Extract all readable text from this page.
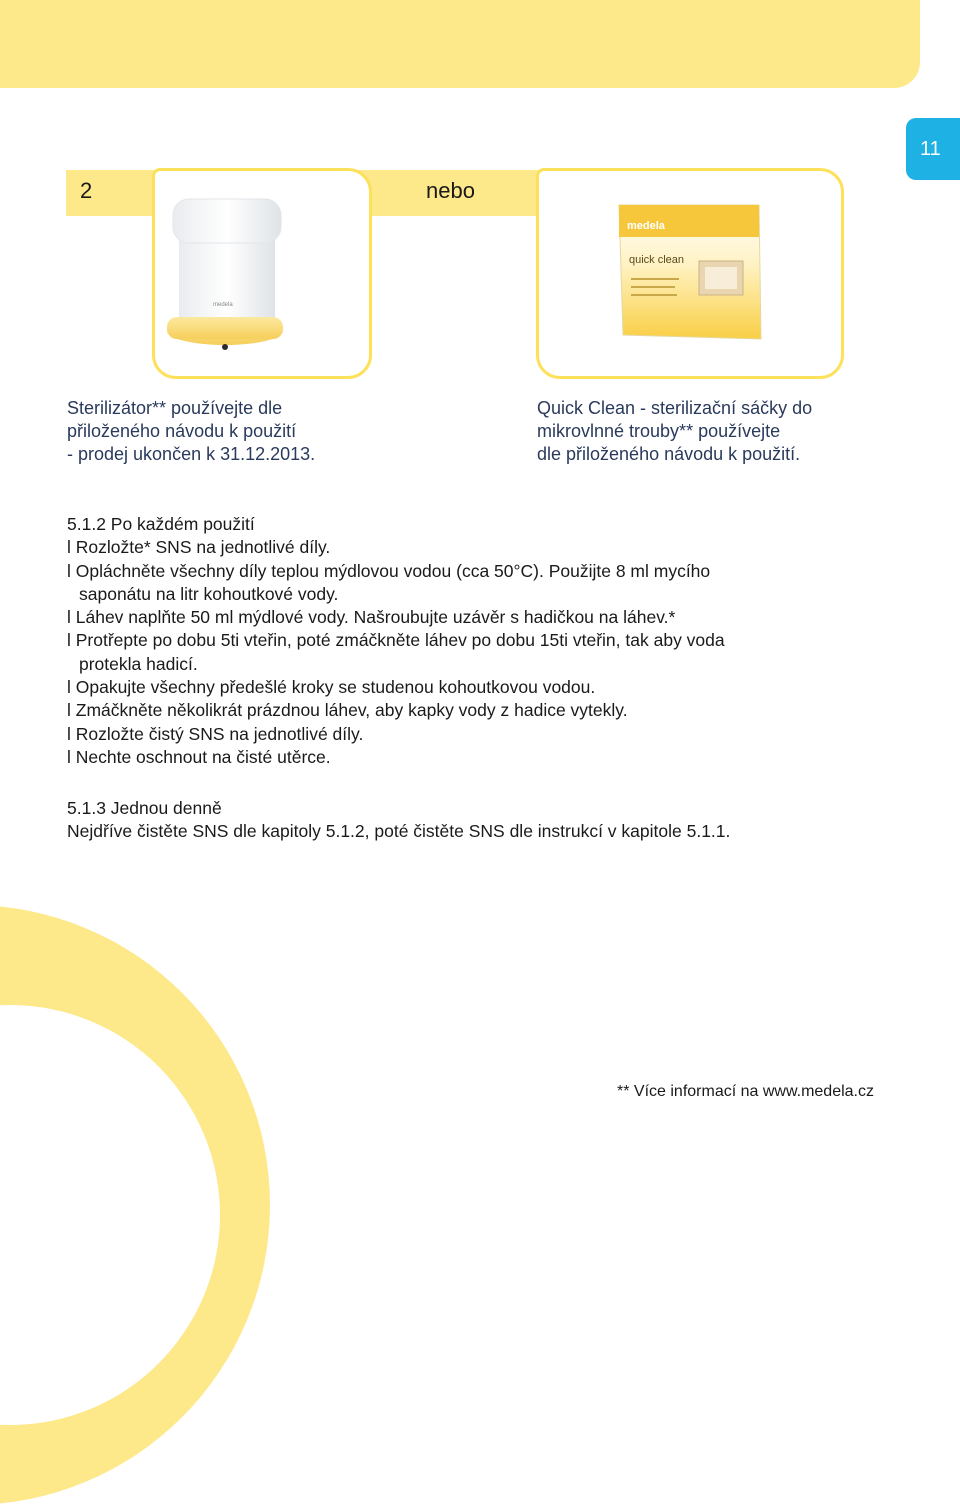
11
2	nebo
medela
medela
quick clean
Sterilizátor** používejte dle
přiloženého návodu k použití
- prodej ukončen k 31.12.2013.
Quick Clean - sterilizační sáčky do
mikrovlnné trouby** používejte
dle přiloženého návodu k použití.

5.1.2 Po každém použití

l Rozložte* SNS na jednotlivé díly.

l Opláchněte všechny díly teplou mýdlovou vodou (cca 50°C). Použijte 8 ml mycího

saponátu na litr kohoutkové vody.

l Láhev naplňte 50 ml mýdlové vody. Našroubujte uzávěr s hadičkou na láhev.*

l Protřepte po dobu 5ti vteřin, poté zmáčkněte láhev po dobu 15ti vteřin, tak aby voda

protekla hadicí.

l Opakujte všechny předešlé kroky se studenou kohoutkovou vodou.

l Zmáčkněte několikrát prázdnou láhev, aby kapky vody z hadice vytekly.

l Rozložte čistý SNS na jednotlivé díly.

l Nechte oschnout na čisté utěrce.

5.1.3 Jednou denně

Nejdříve čistěte SNS dle kapitoly 5.1.2, poté čistěte SNS dle instrukcí v kapitole 5.1.1.

** Více informací na www.medela.cz
